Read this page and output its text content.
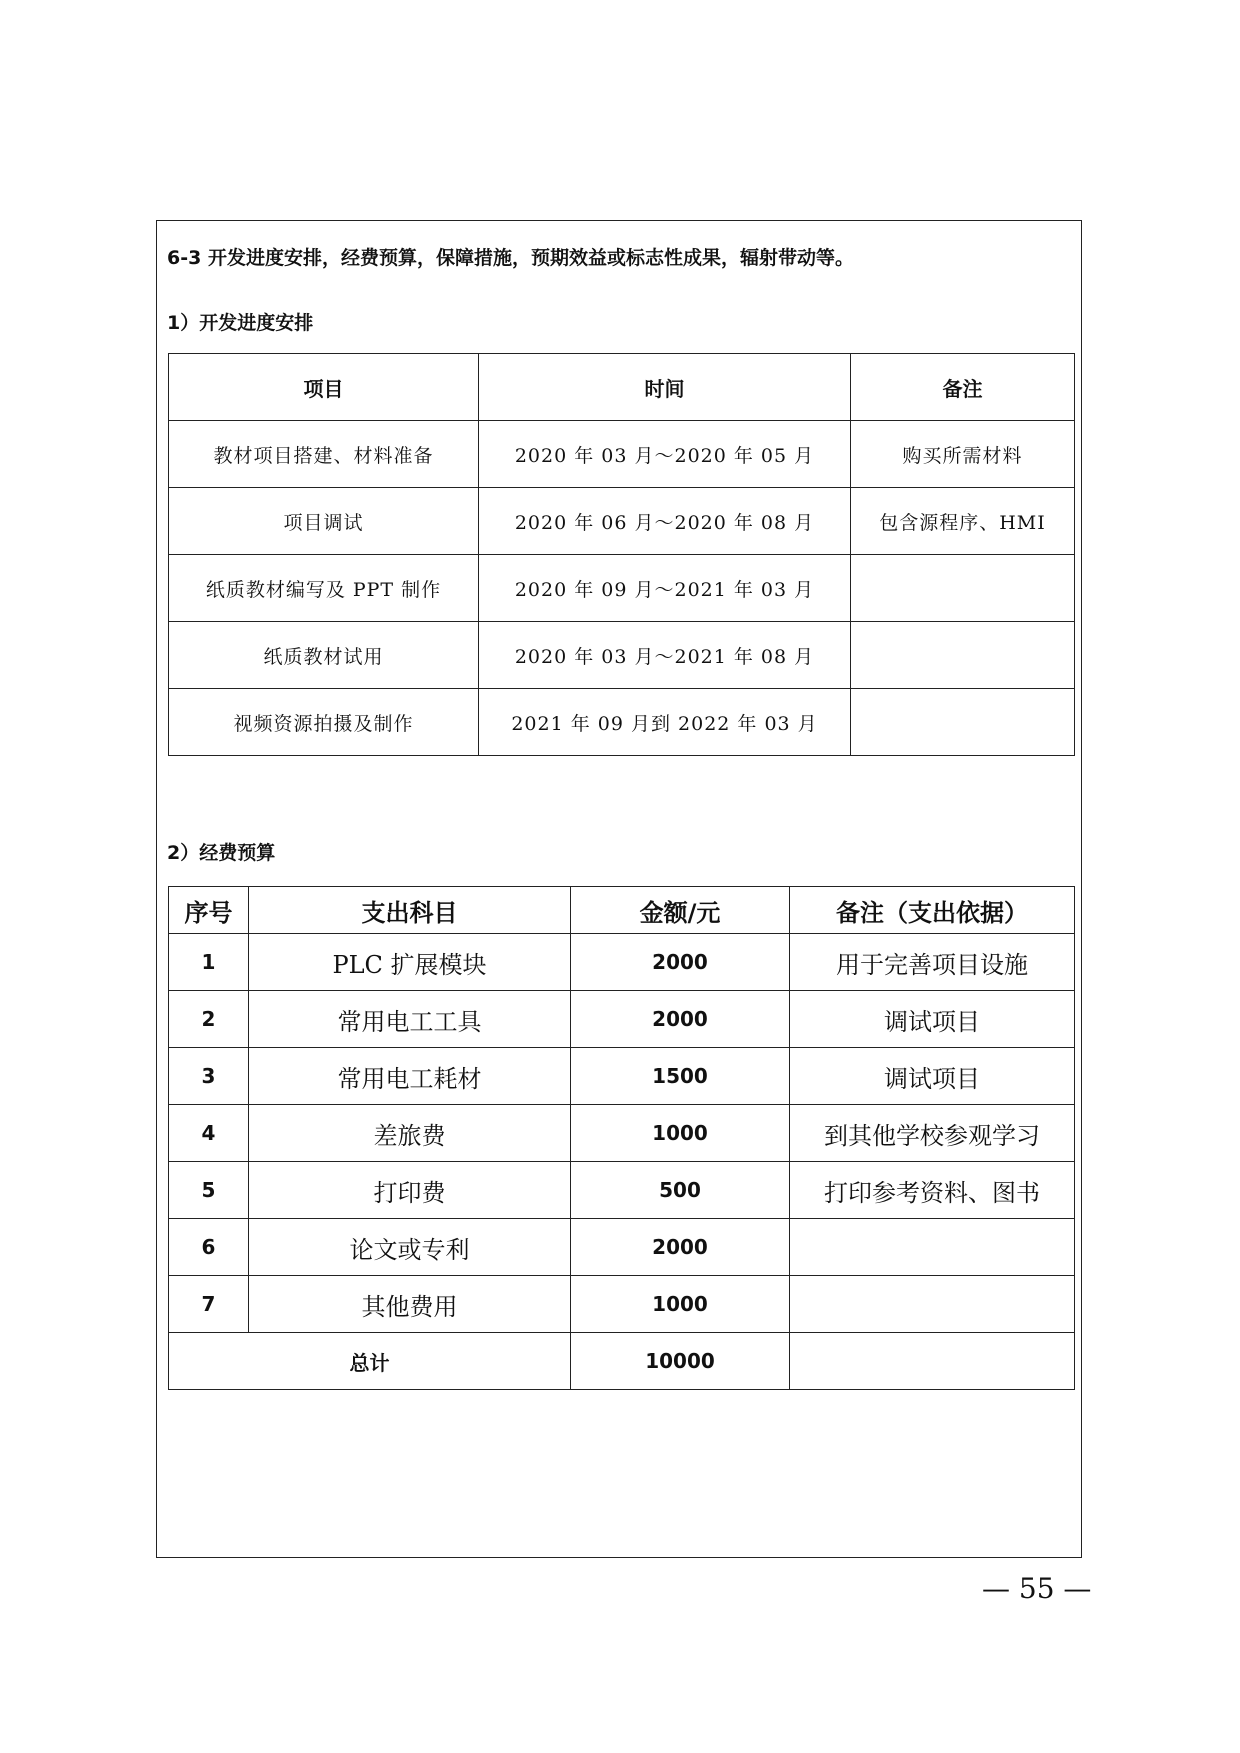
6-3 开发进度安排，经费预算，保障措施，预期效益或标志性成果，辐射带动等。
1）开发进度安排
项目	时间	备注
教材项目搭建、材料准备	2020 年 03 月～2020 年 05 月	购买所需材料
项目调试	2020 年 06 月～2020 年 08 月	包含源程序、HMI
纸质教材编写及 PPT 制作	2020 年 09 月～2021 年 03 月	
纸质教材试用	2020 年 03 月～2021 年 08 月	
视频资源拍摄及制作	2021 年 09 月到 2022 年 03 月	
2）经费预算
序号	支出科目	金额/元	备注（支出依据）
1	PLC 扩展模块	2000	用于完善项目设施
2	常用电工工具	2000	调试项目
3	常用电工耗材	1500	调试项目
4	差旅费	1000	到其他学校参观学习
5	打印费	500	打印参考资料、图书
6	论文或专利	2000	
7	其他费用	1000	
总计		10000	
— 55 —
